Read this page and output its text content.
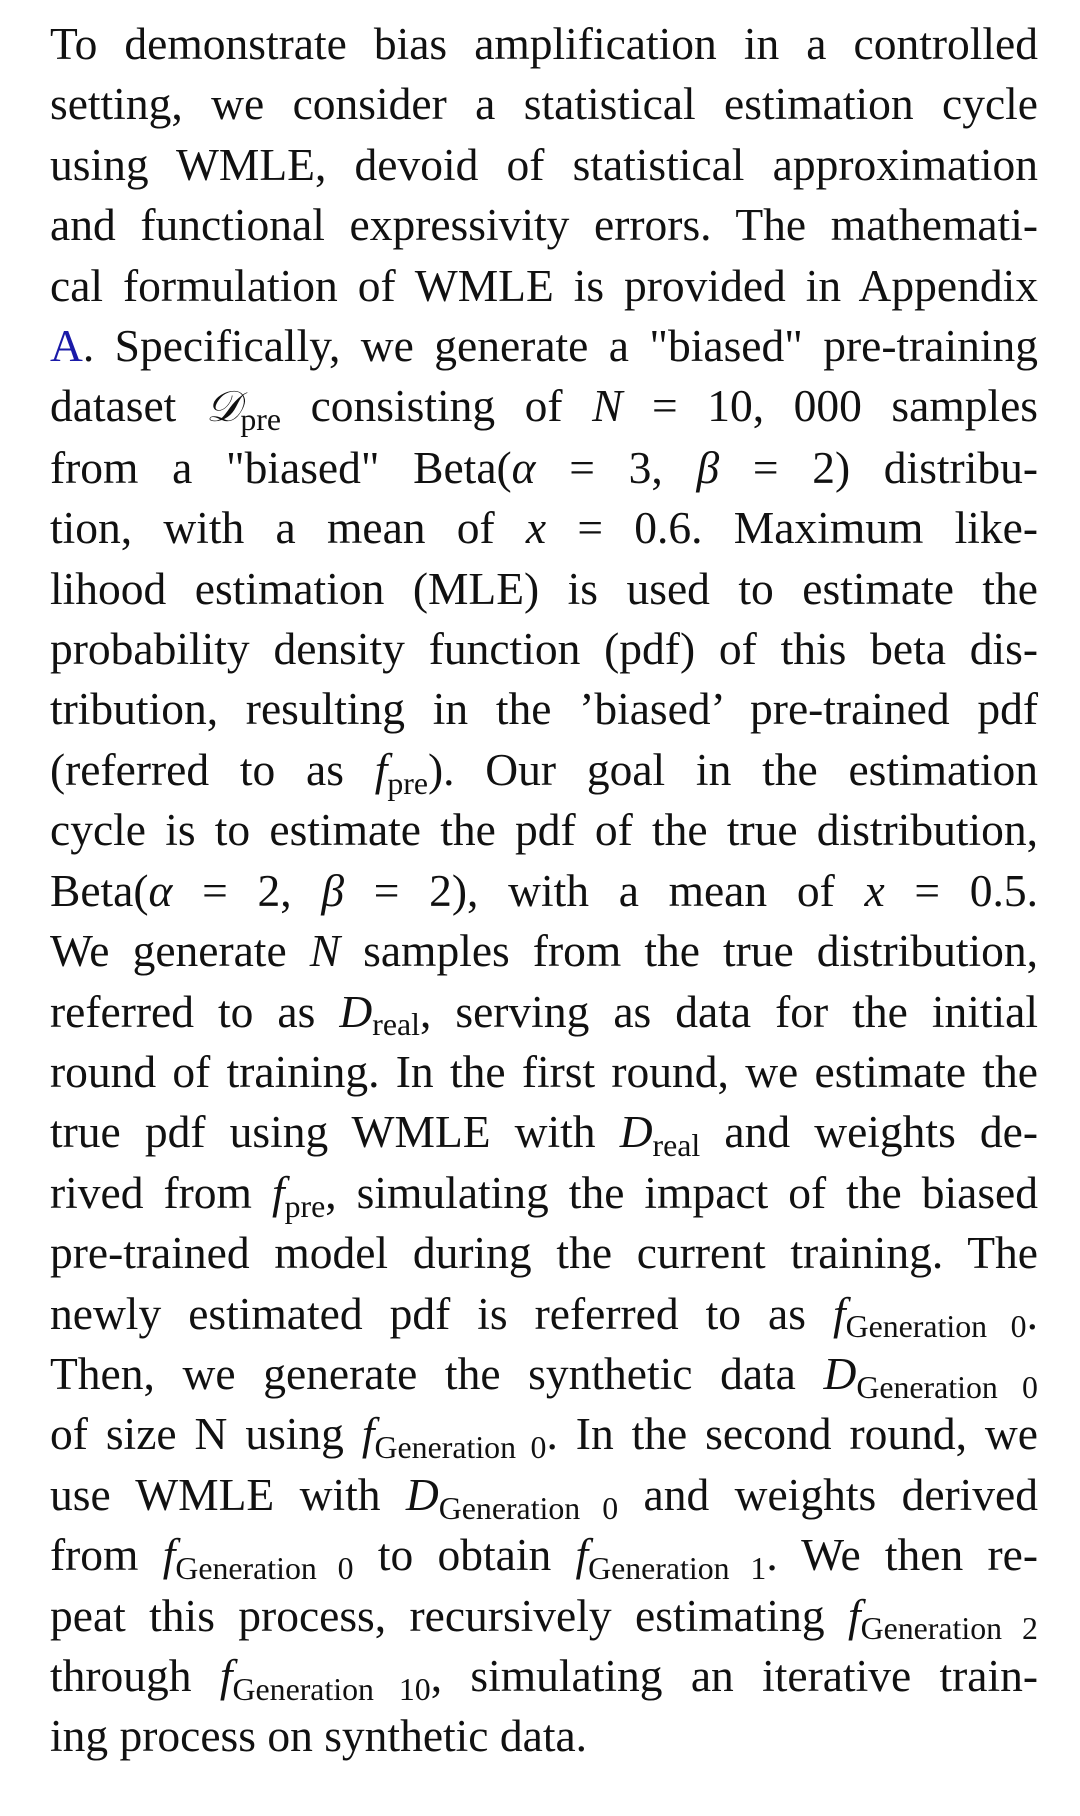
To demonstrate bias amplification in a controlled
setting, we consider a statistical estimation cycle
using WMLE, devoid of statistical approximation
and functional expressivity errors. The mathemati-
cal formulation of WMLE is provided in Appendix
A. Specifically, we generate a "biased" pre-training
dataset 𝒟$_{pre}$ consisting of N = 10, 000 samples
from a "biased" Beta(α = 3, β = 2) distribu-
tion, with a mean of x = 0.6. Maximum like-
lihood estimation (MLE) is used to estimate the
probability density function (pdf) of this beta dis-
tribution, resulting in the ’biased’ pre-trained pdf
(referred to as $f_{pre}$). Our goal in the estimation
cycle is to estimate the pdf of the true distribution,
Beta(α = 2, β = 2), with a mean of x = 0.5.
We generate N samples from the true distribution,
referred to as $D_{real}$, serving as data for the initial
round of training. In the first round, we estimate the
true pdf using WMLE with $D_{real}$ and weights de-
rived from $f_{pre}$, simulating the impact of the biased
pre-trained model during the current training. The
newly estimated pdf is referred to as $f_{Generation 0}$.
Then, we generate the synthetic data $D_{Generation 0}$
of size N using $f_{Generation 0}$. In the second round, we
use WMLE with $D_{Generation 0}$ and weights derived
from $f_{Generation 0}$ to obtain $f_{Generation 1}$. We then re-
peat this process, recursively estimating $f_{Generation 2}$
through $f_{Generation 10}$, simulating an iterative train-
ing process on synthetic data.
